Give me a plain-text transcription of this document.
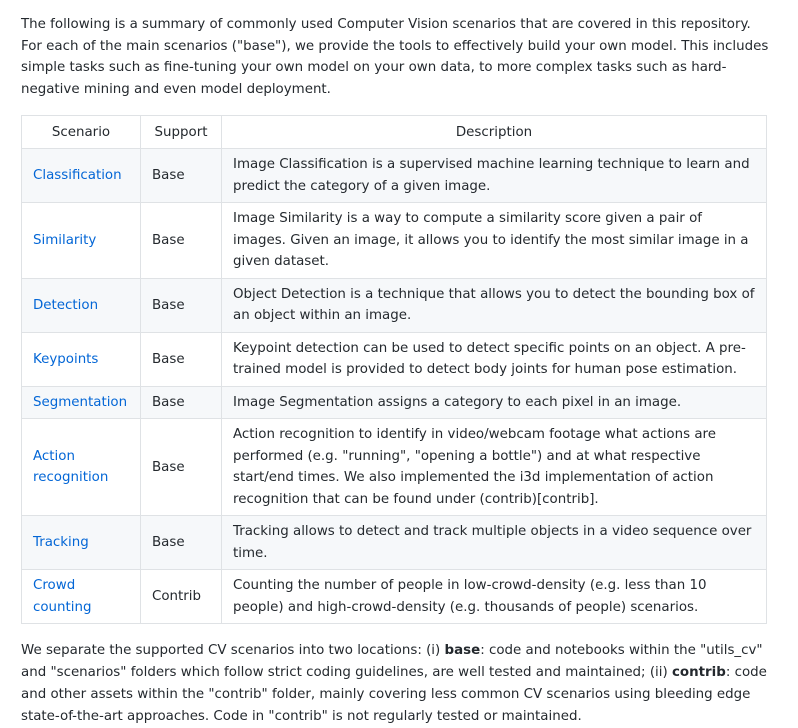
The following is a summary of commonly used Computer Vision scenarios that are covered in this repository. For each of the main scenarios ("base"), we provide the tools to effectively build your own model. This includes simple tasks such as fine-tuning your own model on your own data, to more complex tasks such as hard-negative mining and even model deployment.

Scenario	Support	Description
Classification	Base	Image Classification is a supervised machine learning technique to learn and predict the category of a given image.
Similarity	Base	Image Similarity is a way to compute a similarity score given a pair of images. Given an image, it allows you to identify the most similar image in a given dataset.
Detection	Base	Object Detection is a technique that allows you to detect the bounding box of an object within an image.
Keypoints	Base	Keypoint detection can be used to detect specific points on an object. A pre-trained model is provided to detect body joints for human pose estimation.
Segmentation	Base	Image Segmentation assigns a category to each pixel in an image.
Action recognition	Base	Action recognition to identify in video/webcam footage what actions are performed (e.g. "running", "opening a bottle") and at what respective start/end times. We also implemented the i3d implementation of action recognition that can be found under (contrib)[contrib].
Tracking	Base	Tracking allows to detect and track multiple objects in a video sequence over time.
Crowd counting	Contrib	Counting the number of people in low-crowd-density (e.g. less than 10 people) and high-crowd-density (e.g. thousands of people) scenarios.

We separate the supported CV scenarios into two locations: (i) base: code and notebooks within the "utils_cv" and "scenarios" folders which follow strict coding guidelines, are well tested and maintained; (ii) contrib: code and other assets within the "contrib" folder, mainly covering less common CV scenarios using bleeding edge state-of-the-art approaches. Code in "contrib" is not regularly tested or maintained.
